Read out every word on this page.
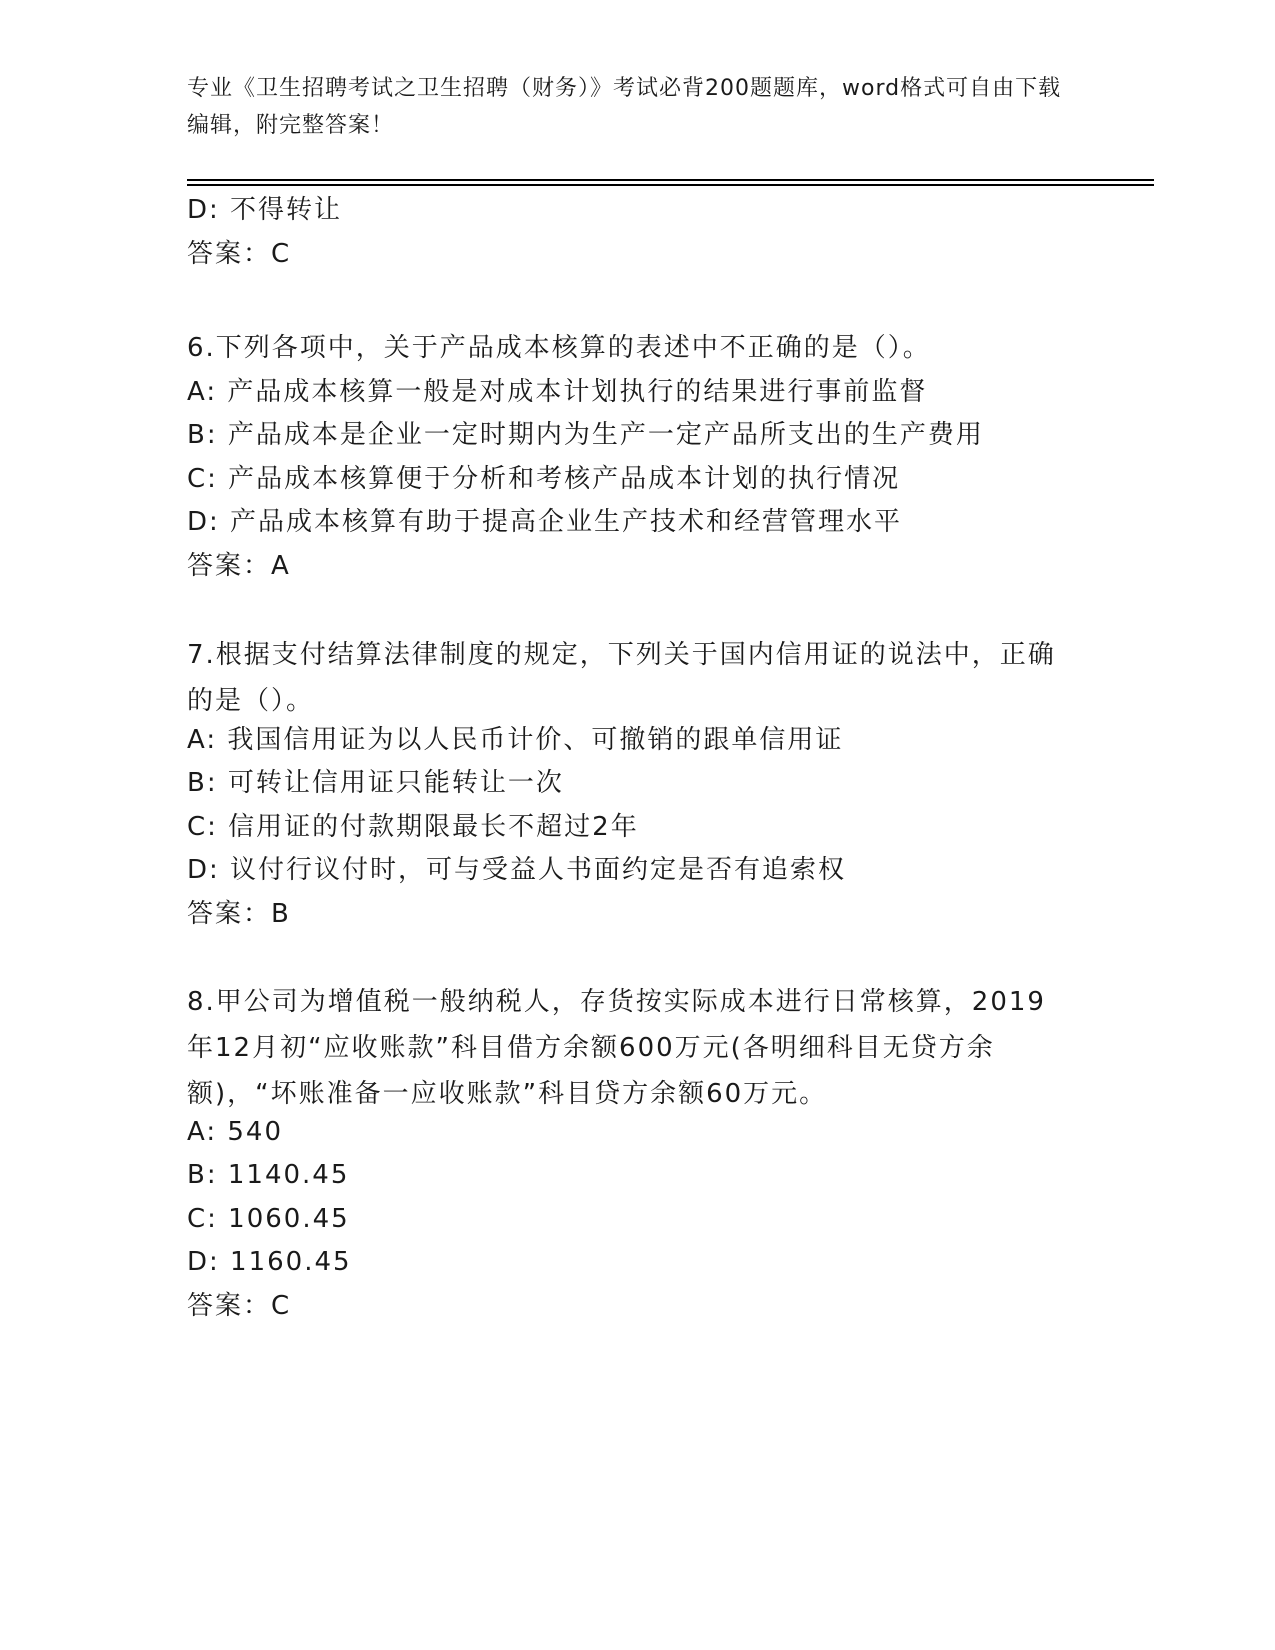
专业《卫生招聘考试之卫生招聘（财务）》考试必背200题题库，word格式可自由下载编辑，附完整答案！
D: 不得转让
答案：C
6.下列各项中，关于产品成本核算的表述中不正确的是（）。
A: 产品成本核算一般是对成本计划执行的结果进行事前监督
B: 产品成本是企业一定时期内为生产一定产品所支出的生产费用
C: 产品成本核算便于分析和考核产品成本计划的执行情况
D: 产品成本核算有助于提高企业生产技术和经营管理水平
答案：A
7.根据支付结算法律制度的规定，下列关于国内信用证的说法中，正确的是（）。
A: 我国信用证为以人民币计价、可撤销的跟单信用证
B: 可转让信用证只能转让一次
C: 信用证的付款期限最长不超过2年
D: 议付行议付时，可与受益人书面约定是否有追索权
答案：B
8.甲公司为增值税一般纳税人，存货按实际成本进行日常核算，2019年12月初“应收账款”科目借方余额600万元(各明细科目无贷方余额)，“坏账准备一应收账款”科目贷方余额60万元。
A: 540
B: 1140.45
C: 1060.45
D: 1160.45
答案：C
